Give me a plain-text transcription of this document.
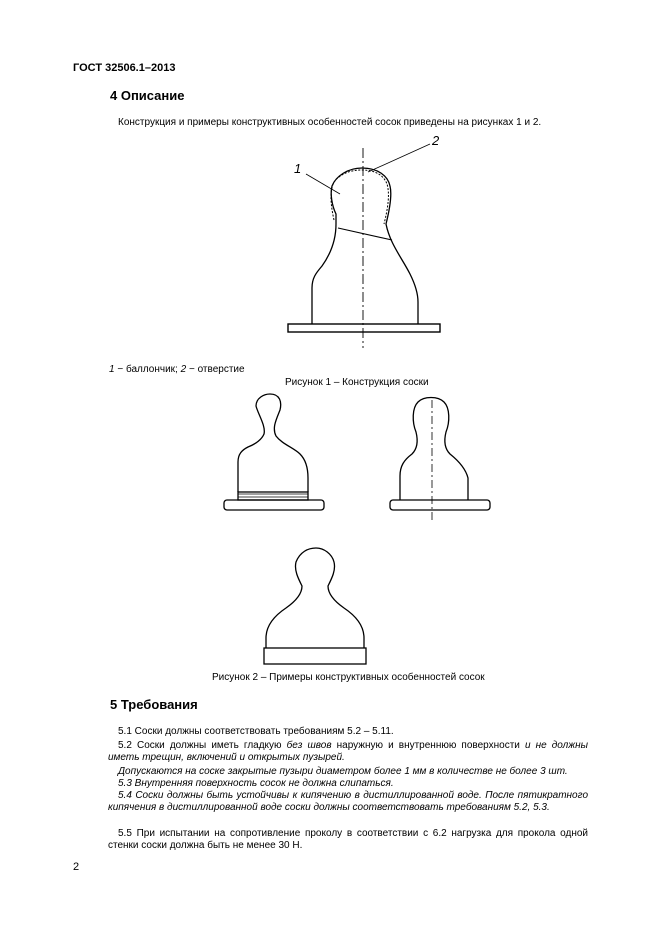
ГОСТ 32506.1–2013
4 Описание
Конструкция и примеры конструктивных особенностей сосок приведены на рисунках 1 и 2.
1
2
1 − баллончик; 2 − отверстие
Рисунок 1 – Конструкция соски
Рисунок 2 – Примеры конструктивных особенностей сосок
5 Требования
5.1 Соски должны соответствовать требованиям 5.2 – 5.11.
5.2 Соски должны иметь гладкую без швов наружную и внутреннюю поверхности и не должны иметь трещин, включений и открытых пузырей.
Допускаются на соске закрытые пузыри диаметром более 1 мм в количестве не более 3 шт.
5.3 Внутренняя поверхность сосок не должна слипаться.
5.4 Соски должны быть устойчивы к кипячению в дистиллированной воде. После пятикратного кипячения в дистиллированной воде соски должны соответствовать требованиям 5.2, 5.3.
5.5 При испытании на сопротивление проколу в соответствии с 6.2 нагрузка для прокола одной стенки соски должна быть не менее 30 Н.
2
